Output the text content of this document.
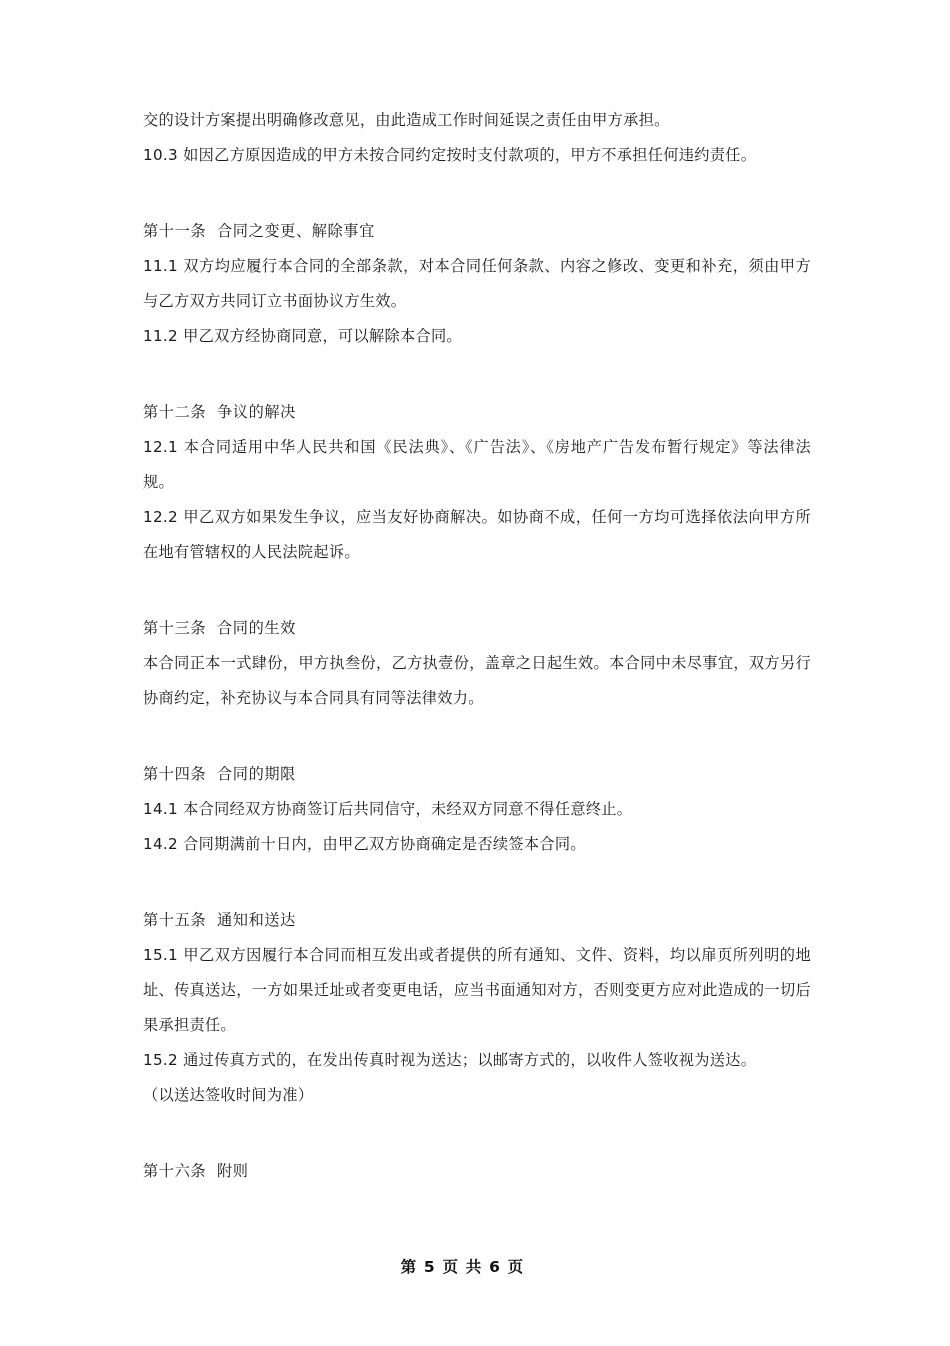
交的设计方案提出明确修改意见，由此造成工作时间延误之责任由甲方承担。

10.3 如因乙方原因造成的甲方未按合同约定按时支付款项的，甲方不承担任何违约责任。

第十一条  合同之变更、解除事宜

11.1 双方均应履行本合同的全部条款，对本合同任何条款、内容之修改、变更和补充，须由甲方与乙方双方共同订立书面协议方生效。

11.2 甲乙双方经协商同意，可以解除本合同。

第十二条  争议的解决

12.1 本合同适用中华人民共和国《民法典》、《广告法》、《房地产广告发布暂行规定》等法律法规。

12.2 甲乙双方如果发生争议，应当友好协商解决。如协商不成，任何一方均可选择依法向甲方所在地有管辖权的人民法院起诉。

第十三条  合同的生效

本合同正本一式肆份，甲方执叁份，乙方执壹份，盖章之日起生效。本合同中未尽事宜，双方另行协商约定，补充协议与本合同具有同等法律效力。

第十四条  合同的期限

14.1 本合同经双方协商签订后共同信守，未经双方同意不得任意终止。

14.2 合同期满前十日内，由甲乙双方协商确定是否续签本合同。

第十五条  通知和送达

15.1 甲乙双方因履行本合同而相互发出或者提供的所有通知、文件、资料，均以扉页所列明的地址、传真送达，一方如果迁址或者变更电话，应当书面通知对方，否则变更方应对此造成的一切后果承担责任。

15.2 通过传真方式的，在发出传真时视为送达；以邮寄方式的，以收件人签收视为送达。

（以送达签收时间为准）

第十六条  附则

第 5 页 共 6 页
